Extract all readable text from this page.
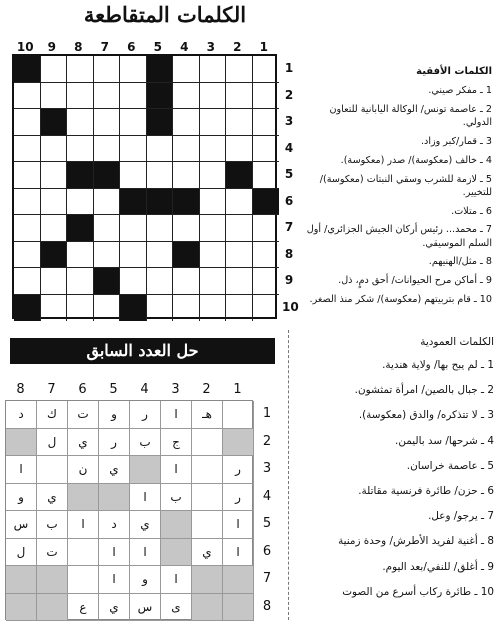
الكلمات المتقاطعة
10	9	8	7	6	5	4	3	2	1
1
2
3
4
5
6
7
8
9
10
الكلمات الأفقية
1 ـ مفكر صيني.
2 ـ عاصمة تونس/ الوكالة اليابانية للتعاون الدولي.
3 ـ قمار/كبر وزاد.
4 ـ خالف (معكوسة)/ صدر (معكوسة).
5 ـ لازمة للشرب وسقي النبتات (معكوسة)/ للتخيير.
6 ـ متلات.
7 ـ محمد... رئيس أركان الجيش الجزائري/ أول السلم الموسيقي.
8 ـ مثل/الهنيهم.
9 ـ أماكن مرح الحيوانات/ أحق دمٍ، ذل.
10 ـ قام بتربيتهم (معكوسة)/ شكر منذ الصغر.
حل العدد السابق
8	7	6	5	4	3	2	1
هـ
ا
ر
و
ت
ك
د
ج
ب
ر
ي
ل
ر
ا
ي
ن
ا
ر
ب
ا
ي
و
ا
ي
د
ا
ب
س
ا
ي
ا
ا
ت
ل
ا
و
ا
ى
س
ي
ع
1
2
3
4
5
6
7
8
الكلمات العمودية
1 ـ لم يبح بها/ ولاية هندية.
2 ـ جبال بالصين/ امرأة تمثشون.
3 ـ لا تتذكره/ والدق (معكوسة).
4 ـ شرحها/ سد باليمن.
5 ـ عاصمة خراسان.
6 ـ حزن/ طائرة فرنسية مقاتلة.
7 ـ يرجو/ وعل.
8 ـ أغنية لفريد الأطرش/ وحدة زمنية
9 ـ أغلق/ للنفي/بعد اليوم.
10 ـ طائرة ركاب أسرع من الصوت
